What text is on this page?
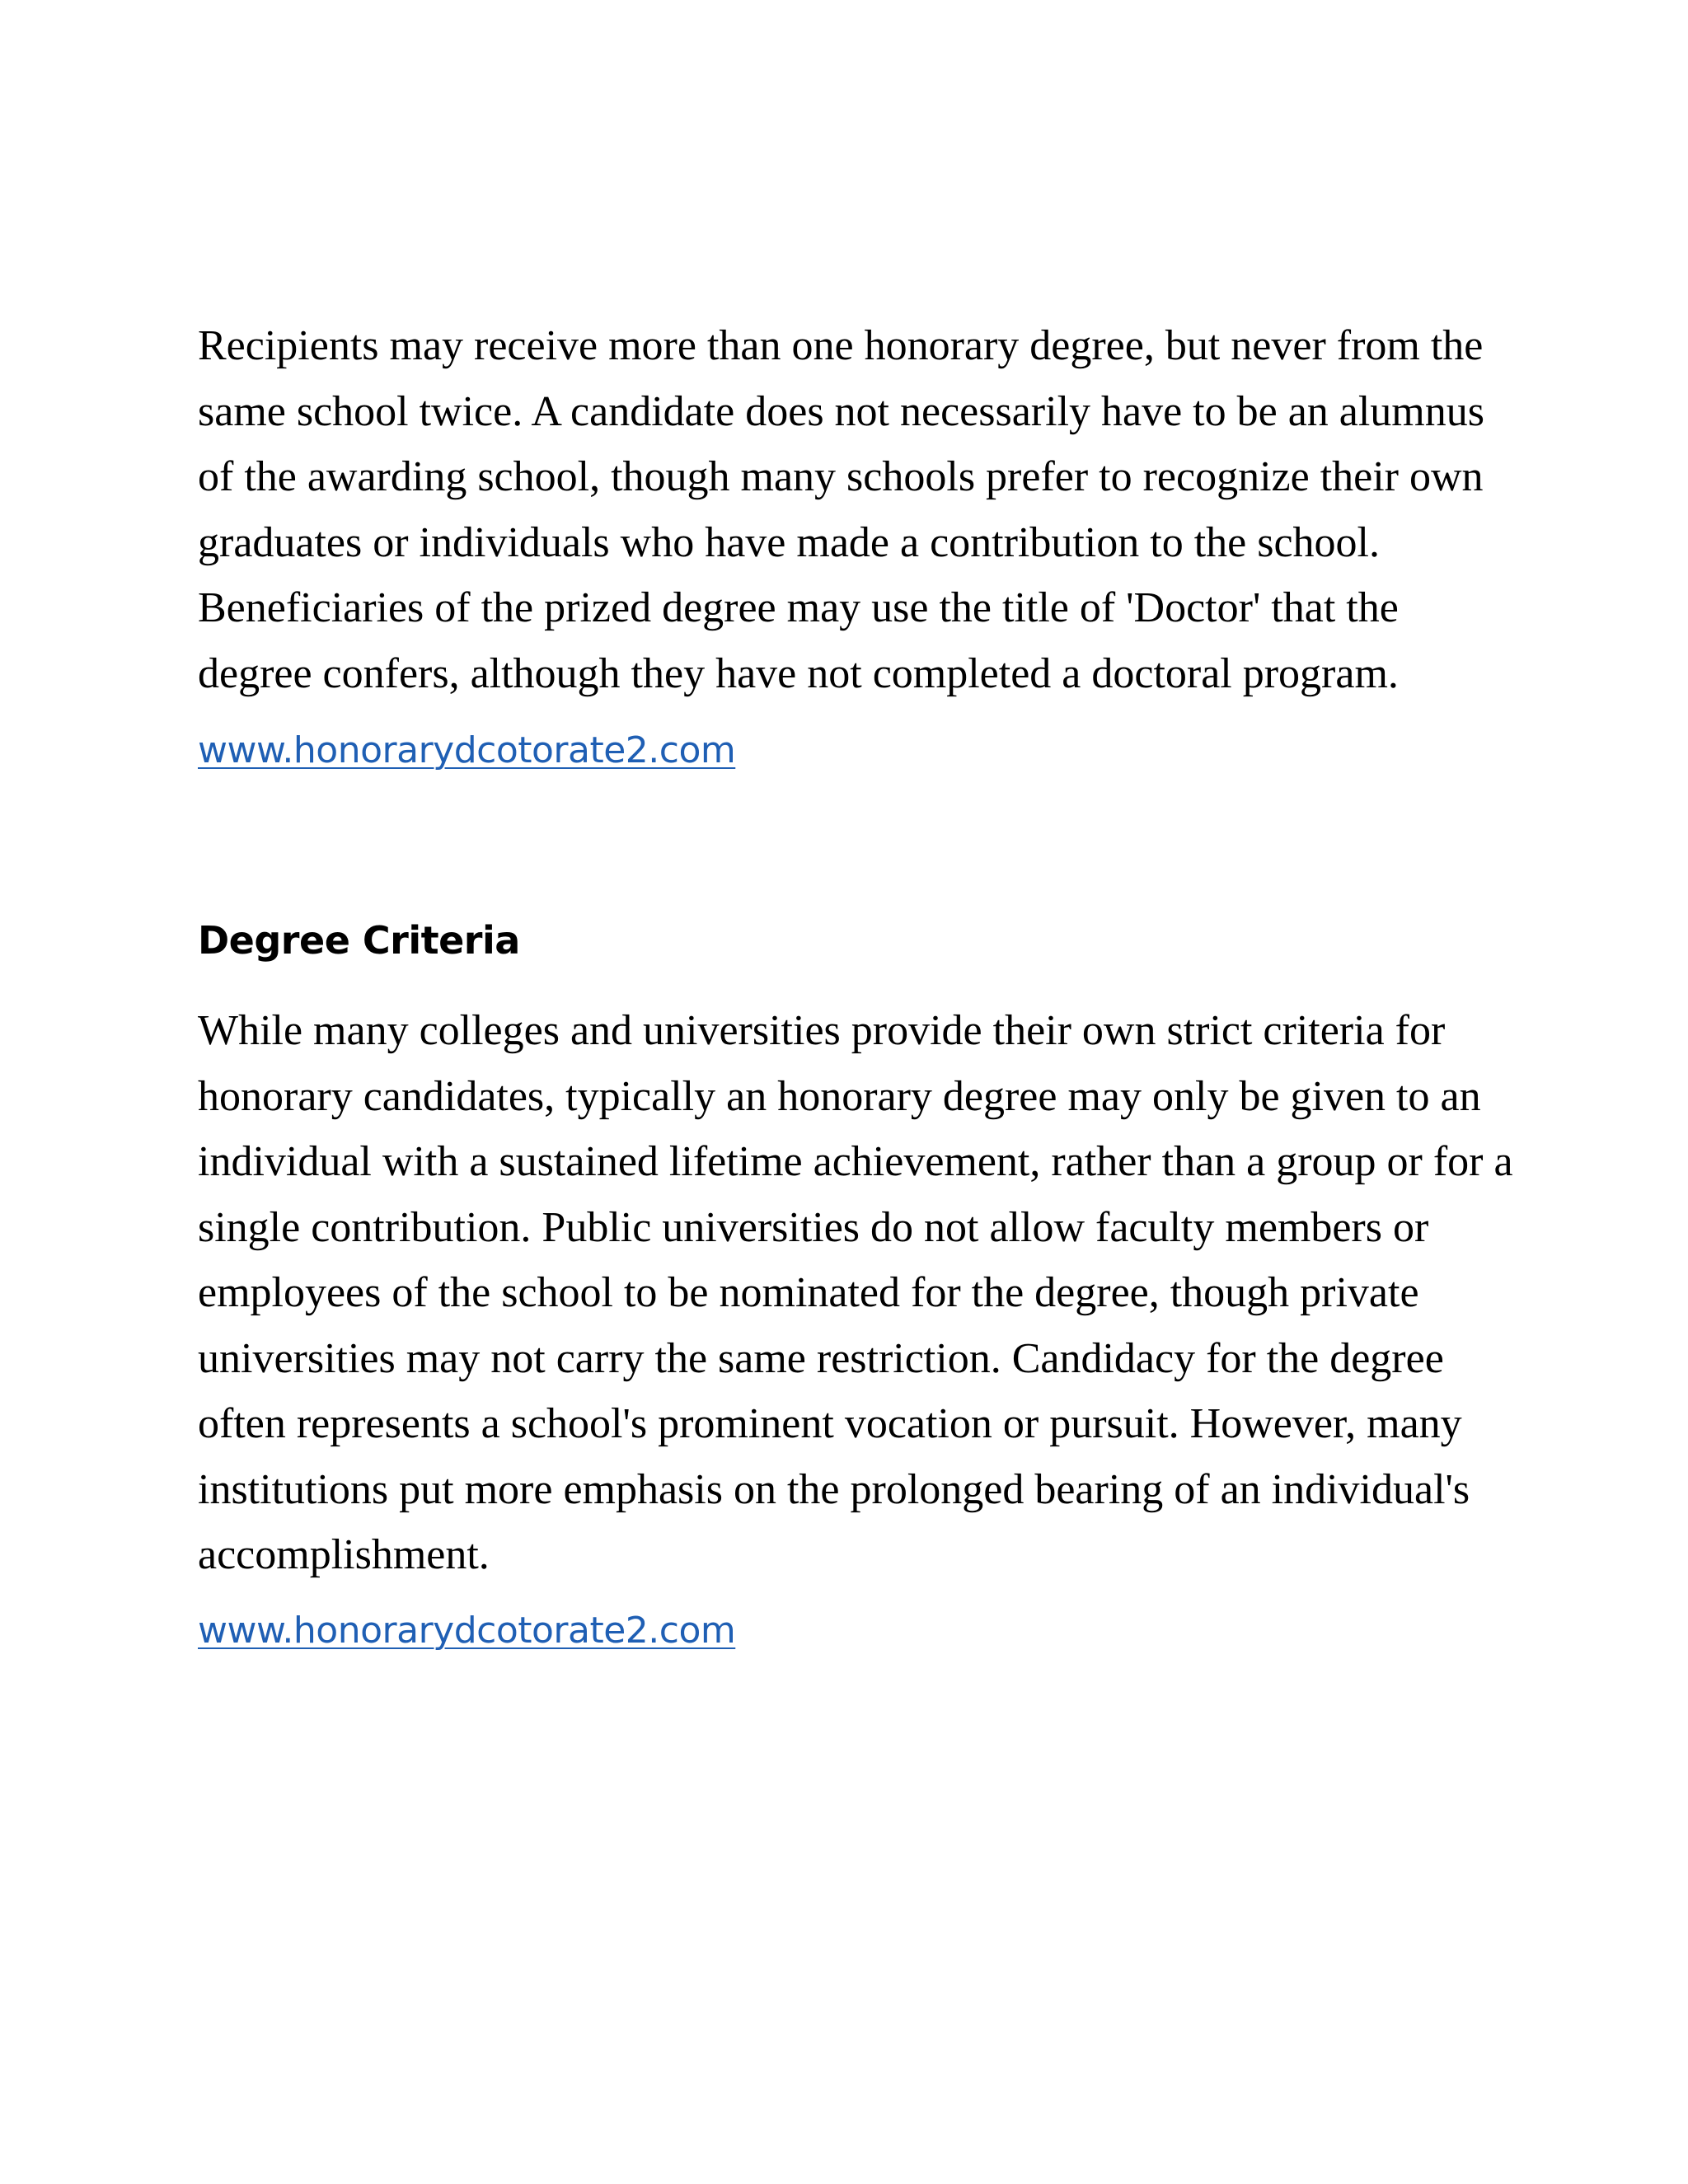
Recipients may receive more than one honorary degree, but never from the same school twice. A candidate does not necessarily have to be an alumnus of the awarding school, though many schools prefer to recognize their own graduates or individuals who have made a contribution to the school. Beneficiaries of the prized degree may use the title of 'Doctor' that the degree confers, although they have not completed a doctoral program.

www.honorarydcotorate2.com
Degree Criteria

While many colleges and universities provide their own strict criteria for honorary candidates, typically an honorary degree may only be given to an individual with a sustained lifetime achievement, rather than a group or for a single contribution. Public universities do not allow faculty members or employees of the school to be nominated for the degree, though private universities may not carry the same restriction. Candidacy for the degree often represents a school's prominent vocation or pursuit. However, many institutions put more emphasis on the prolonged bearing of an individual's accomplishment.

www.honorarydcotorate2.com
